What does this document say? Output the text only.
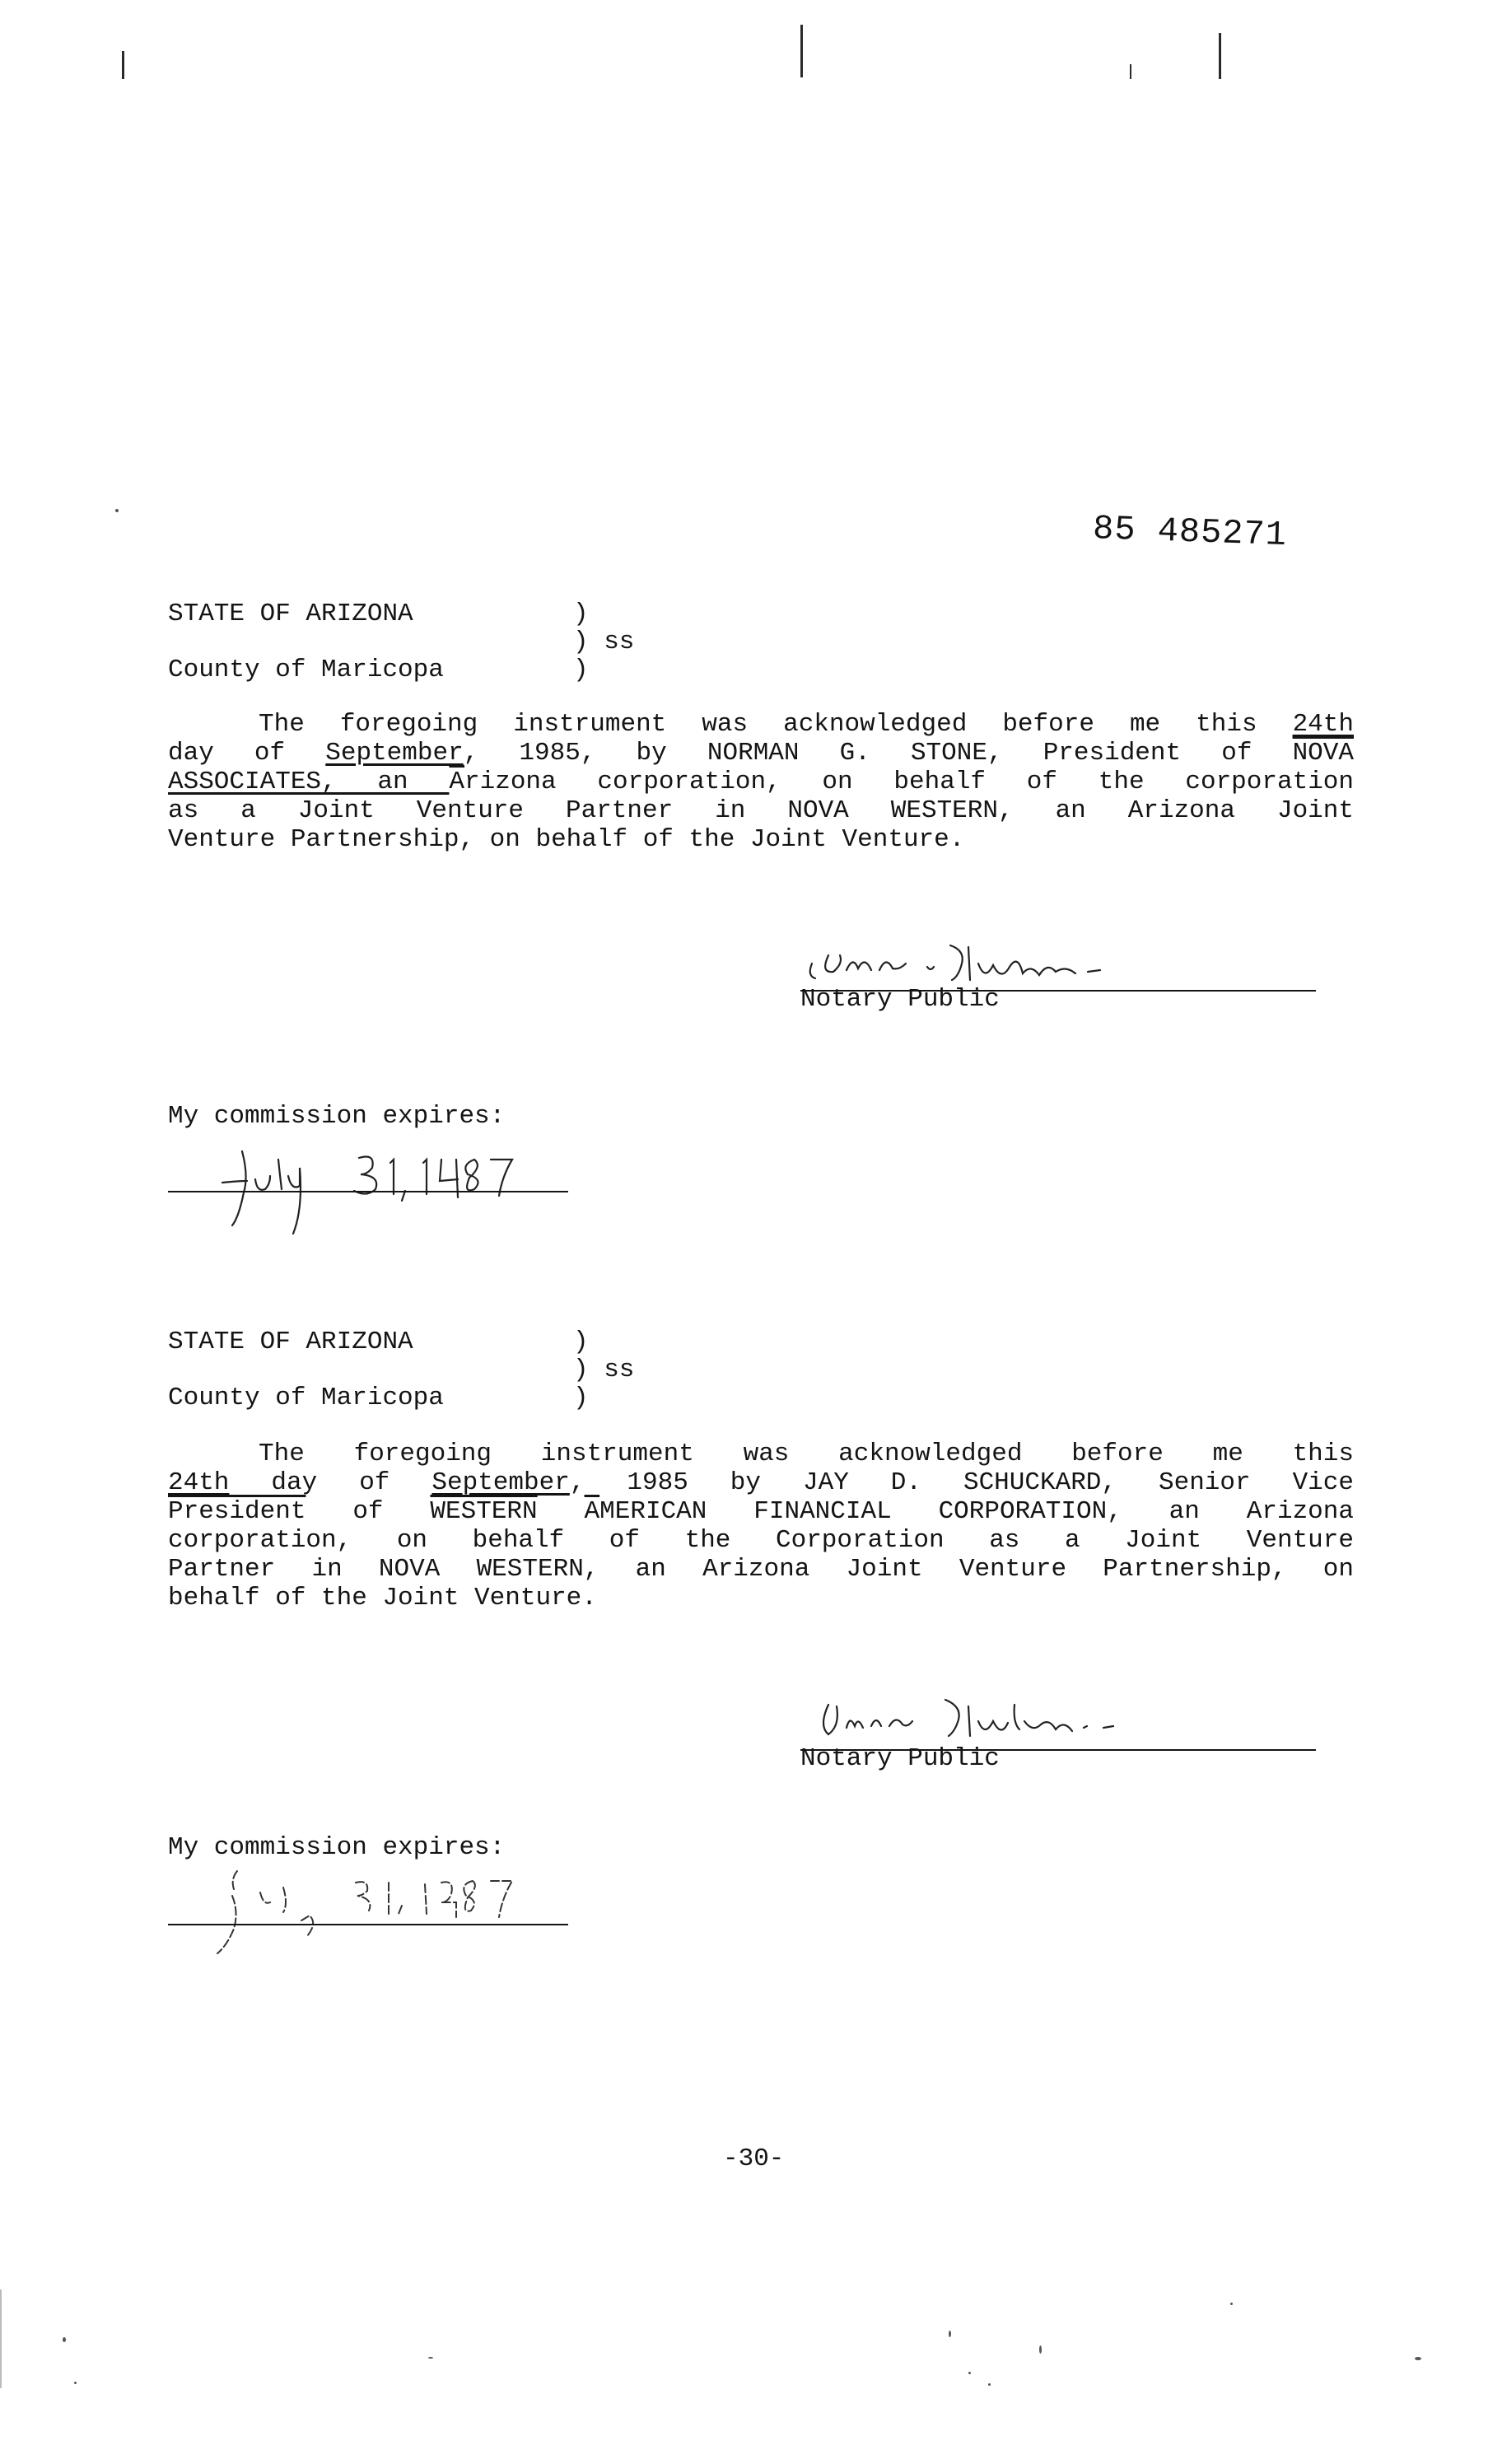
85 485271
STATE OF ARIZONA	)
) ss
County of Maricopa	)
The foregoing instrument was acknowledged before me this 24th
day of September, 1985, by NORMAN G. STONE, President of NOVA
ASSOCIATES, an $\overline{A}rizona$ corporation, on behalf of the corporation
as a Joint Venture Partner in NOVA WESTERN, an Arizona Joint
Venture Partnership, on behalf of the Joint Venture.
Notary Public
My commission expires:
STATE OF ARIZONA	)
) ss
County of Maricopa	)
The foregoing instrument was acknowledged before me this
24th day of September, 1985 by JAY D. SCHUCKARD, Senior Vice
President of WESTERN $\overline{A}MERICAN$ FINANCIAL CORPORATION, an Arizona
corporation, on behalf of the Corporation as a Joint Venture
Partner in NOVA WESTERN, an Arizona Joint Venture Partnership, on
behalf of the Joint Venture.
Notary Public
My commission expires:
-30-
